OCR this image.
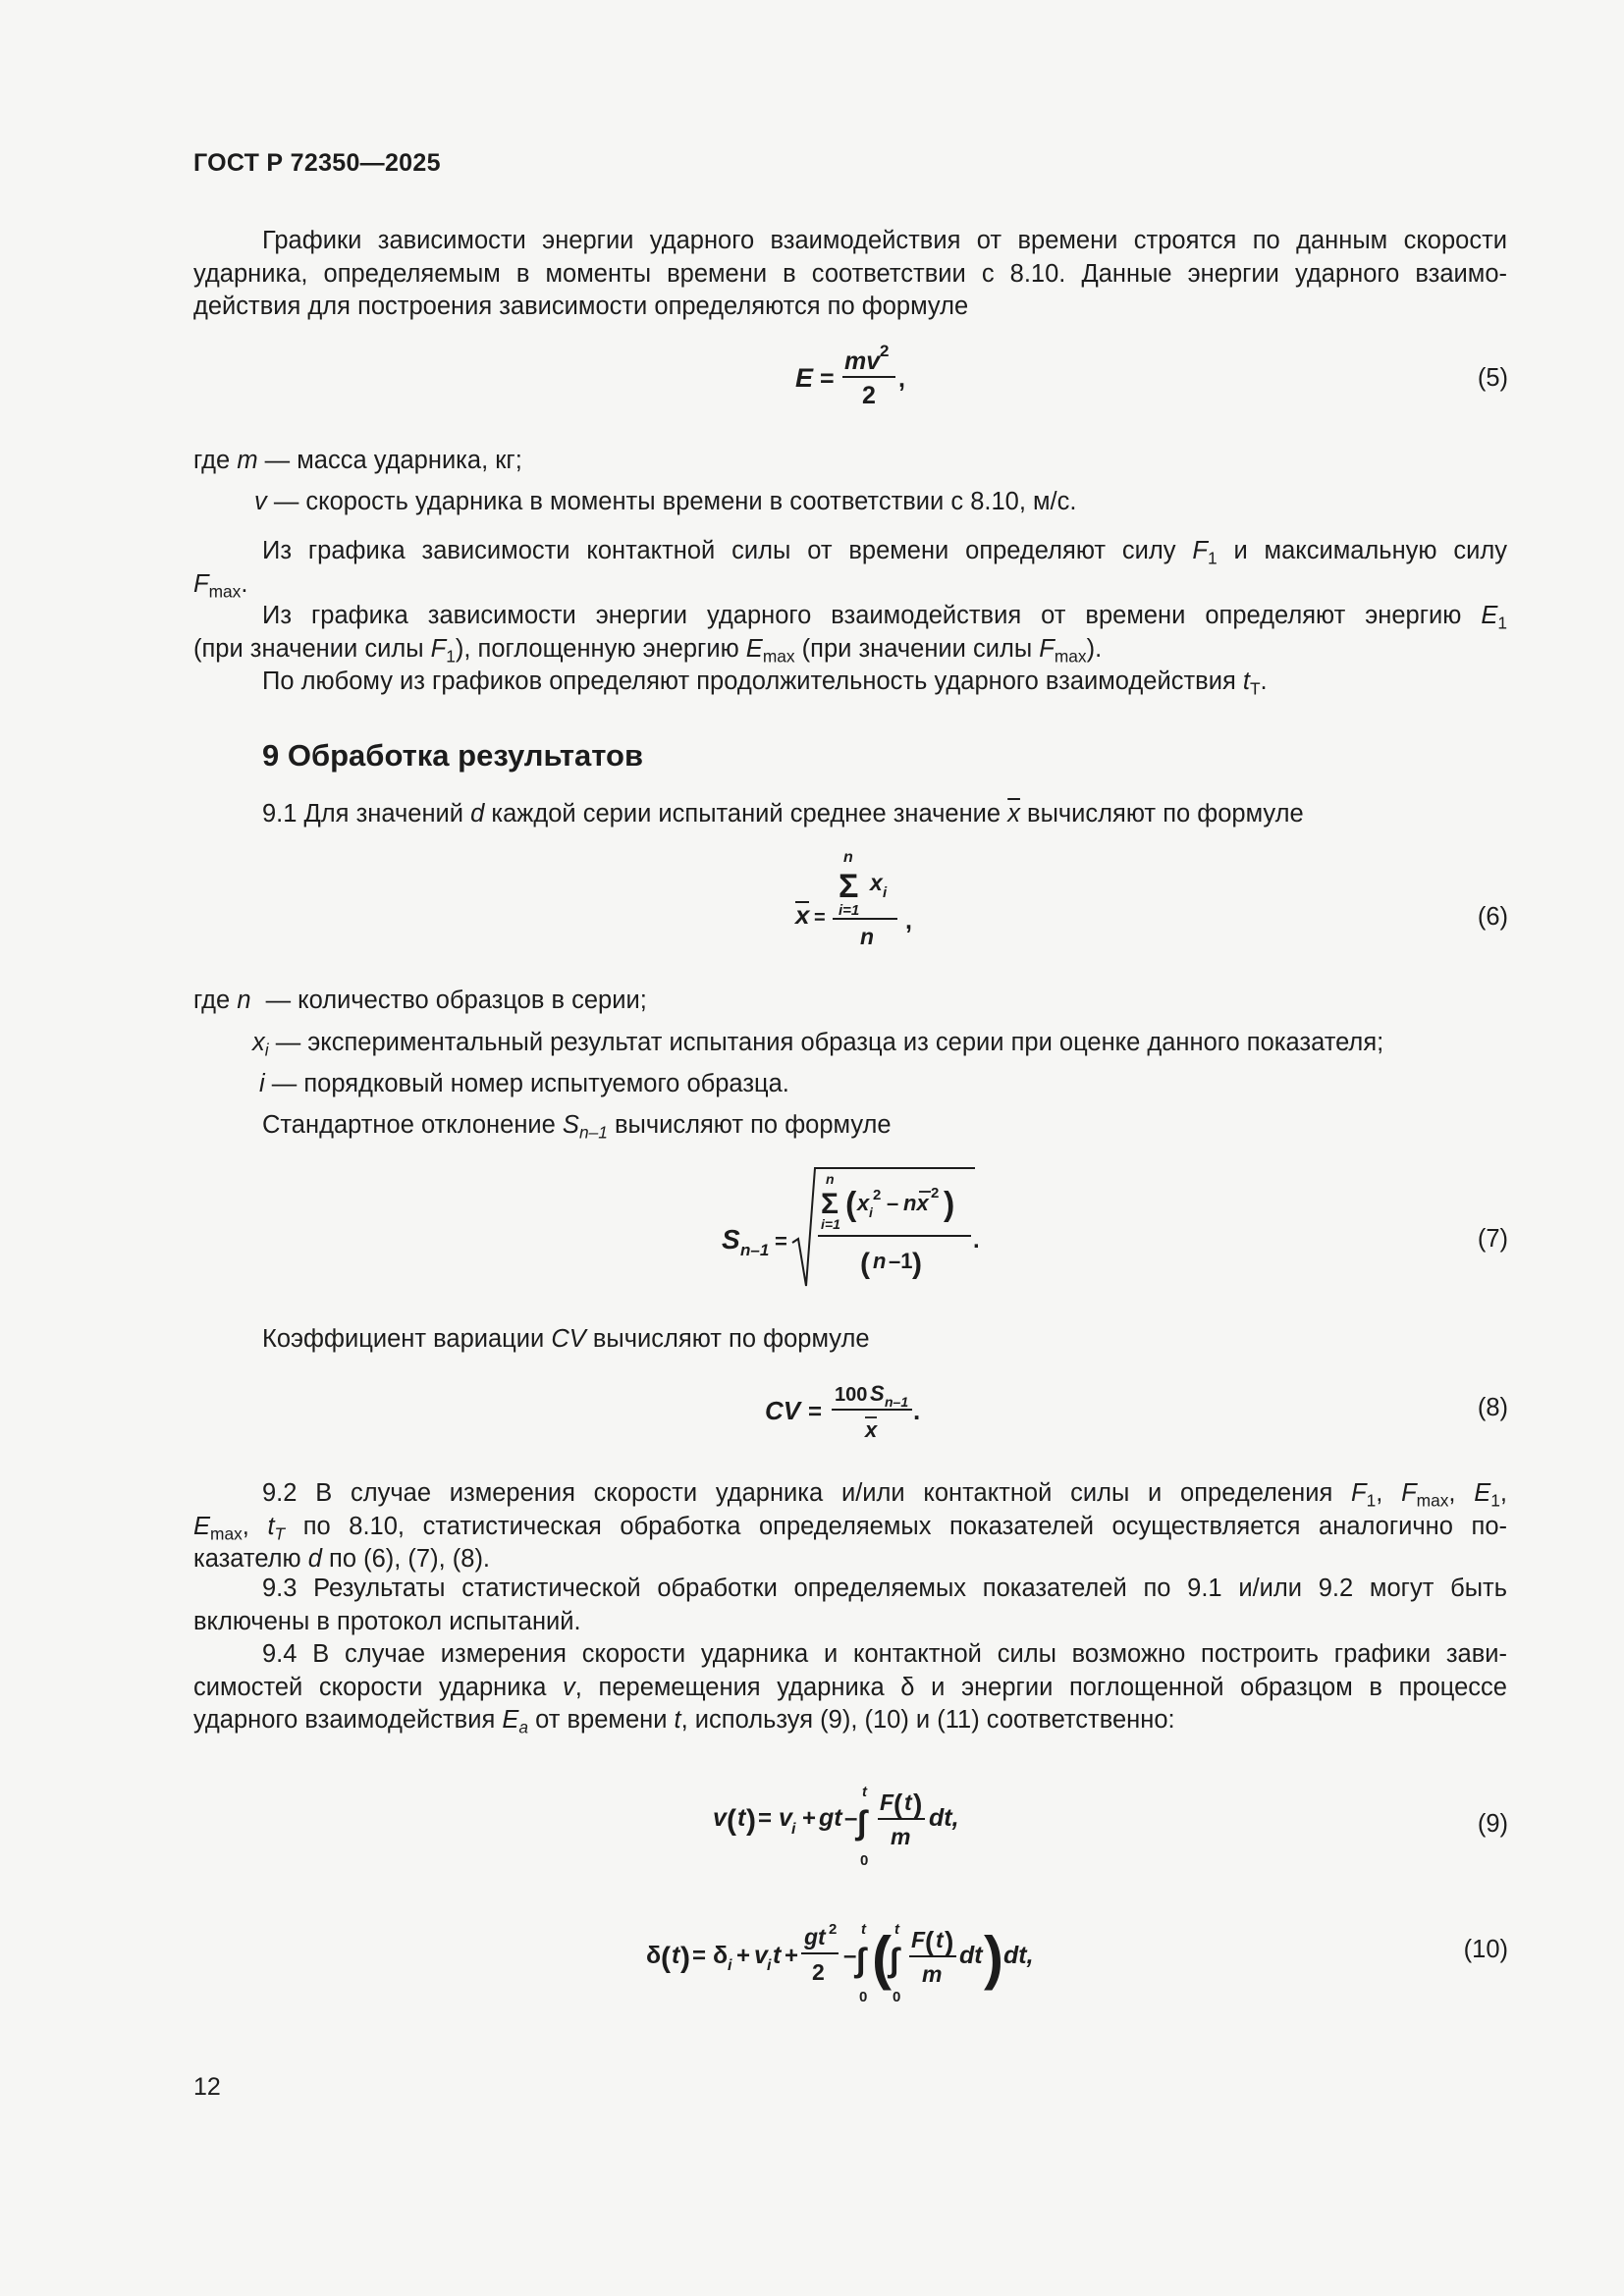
ГОСТ Р 72350—2025
Графики зависимости энергии ударного взаимодействия от времени строятся по данным скорости
ударника, определяемым в моменты времени в соответствии с 8.10. Данные энергии ударного взаимо-
действия для построения зависимости определяются по формуле
E =
mv 2
2
,	(5)
где m — масса ударника, кг;
v — скорость ударника в моменты времени в соответствии с 8.10, м/с.
Из графика зависимости контактной силы от времени определяют силу $F_1$ и максимальную силу
$F_{max}$.
Из графика зависимости энергии ударного взаимодействия от времени определяют энергию $E_1$
(при значении силы $F_1$), поглощенную энергию $E_{max}$ (при значении силы $F_{max}$).
По любому из графиков определяют продолжительность ударного взаимодействия $t_T$.
9 Обработка результатов
9.1 Для значений d каждой серии испытаний среднее значение $\overline{x}$ вычисляют по формуле
x =
n
Σ x i
i=1
n
,	(6)
где n — количество образцов в серии;
$x_i$ — экспериментальный результат испытания образца из серии при оценке данного показателя;
i — порядковый номер испытуемого образца.
Стандартное отклонение $S_{n-1}$ вычисляют по формуле
S n–1 =
n
Σ
i=1
( x i
2 – nx 2 )
( n –1 )
.	(7)
Коэффициент вариации CV вычисляют по формуле
CV =
100 S n–1
x
.	(8)
9.2 В случае измерения скорости ударника и/или контактной силы и определения $F_1$, $F_{max}$, $E_1$,
$E_{max}$, $t_T$ по 8.10, статистическая обработка определяемых показателей осуществляется аналогично по-
казателю d по (6), (7), (8).
9.3 Результаты статистической обработки определяемых показателей по 9.1 и/или 9.2 могут быть
включены в протокол испытаний.
9.4 В случае измерения скорости ударника и контактной силы возможно построить графики зави-
симостей скорости ударника v, перемещения ударника δ и энергии поглощенной образцом в процессе
ударного взаимодействия $E_a$ от времени t, используя (9), (10) и (11) соответственно:
v ( t ) = v i + gt – ∫
t
0
F ( t )
m
dt,	(9)
δ ( t ) = δ i + v i t +
gt 2
2
– ∫
t
0
(
∫
t
0
F ( t )
m
dt ) dt,	(10)
12
